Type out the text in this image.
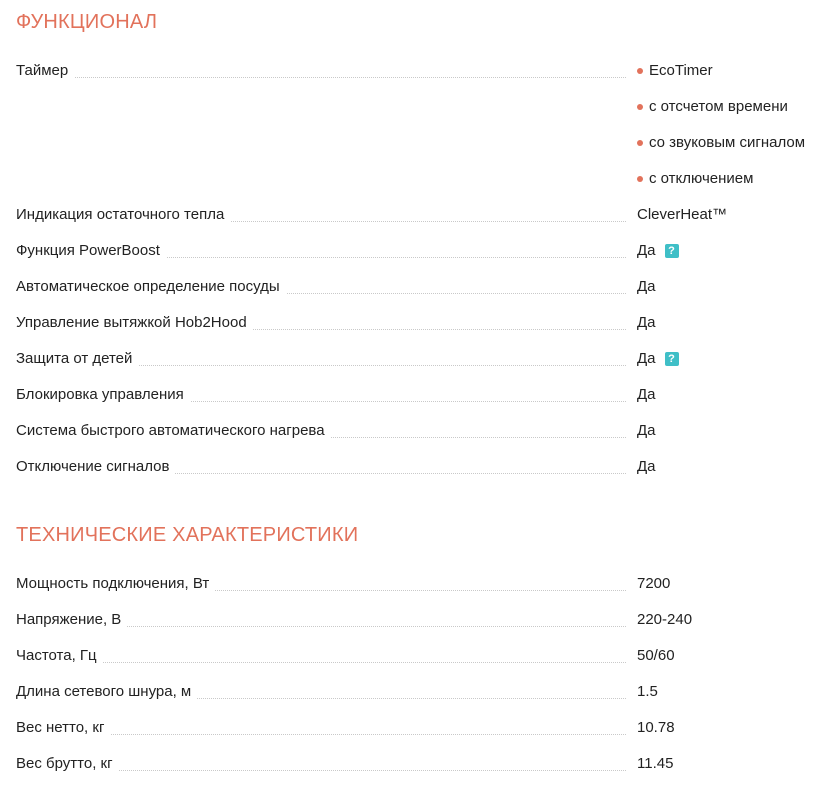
ФУНКЦИОНАЛ
Таймер	EcoTimer
с отсчетом времени
со звуковым сигналом
с отключением
Индикация остаточного тепла	CleverHeat™
Функция PowerBoost	Да	?
Автоматическое определение посуды	Да
Управление вытяжкой Hob2Hood	Да
Защита от детей	Да	?
Блокировка управления	Да
Система быстрого автоматического нагрева	Да
Отключение сигналов	Да
ТЕХНИЧЕСКИЕ ХАРАКТЕРИСТИКИ
Мощность подключения, Вт	7200
Напряжение, В	220-240
Частота, Гц	50/60
Длина сетевого шнура, м	1.5
Вес нетто, кг	10.78
Вес брутто, кг	11.45
